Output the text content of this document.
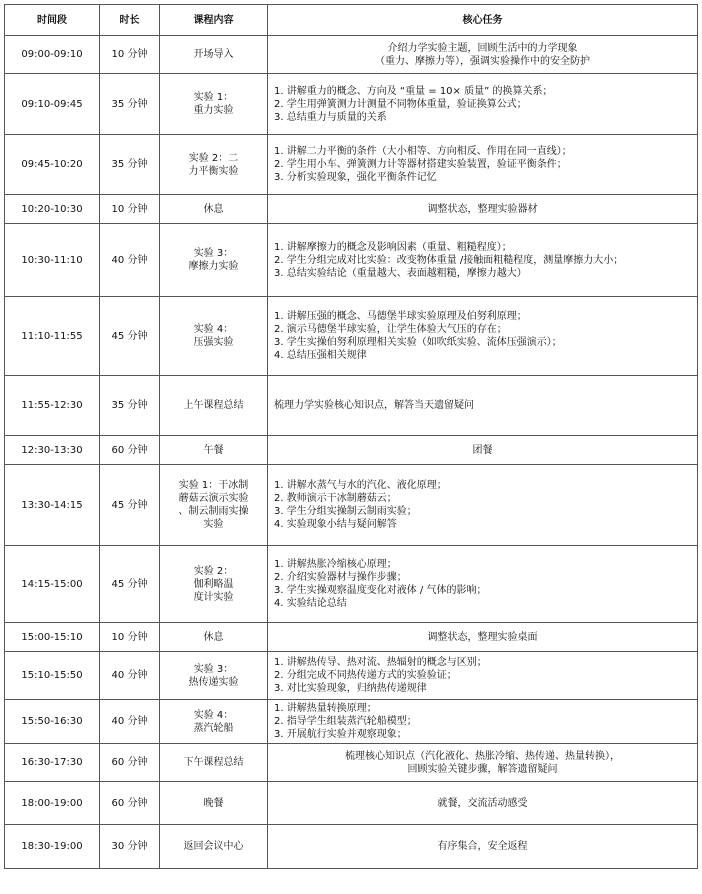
时间段	时长	课程内容	核心任务
09:00-09:10	10 分钟	开场导入	介绍力学实验主题，回顾生活中的力学现象
（重力、摩擦力等），强调实验操作中的安全防护

09:10-09:45	35 分钟	实验 1：
重力实验	1. 讲解重力的概念、方向及 “重量 = 10× 质量” 的换算关系；
2. 学生用弹簧测力计测量不同物体重量，验证换算公式；
3. 总结重力与质量的关系

09:45-10:20	35 分钟	实验 2：二
力平衡实验	1. 讲解二力平衡的条件（大小相等、方向相反、作用在同一直线）；
2. 学生用小车、弹簧测力计等器材搭建实验装置，验证平衡条件；
3. 分析实验现象，强化平衡条件记忆

10:20-10:30	10 分钟	休息	调整状态，整理实验器材

10:30-11:10	40 分钟	实验 3：
摩擦力实验	1. 讲解摩擦力的概念及影响因素（重量、粗糙程度）；
2. 学生分组完成对比实验：改变物体重量 /接触面粗糙程度，测量摩擦力大小；
3. 总结实验结论（重量越大、表面越粗糙，摩擦力越大）

11:10-11:55	45 分钟	实验 4：
压强实验	1. 讲解压强的概念、马德堡半球实验原理及伯努利原理；
2. 演示马德堡半球实验，让学生体验大气压的存在；
3. 学生实操伯努利原理相关实验（如吹纸实验、流体压强演示）；
4. 总结压强相关规律

11:55-12:30	35 分钟	上午课程总结	梳理力学实验核心知识点，解答当天遗留疑问

12:30-13:30	60 分钟	午餐	团餐

13:30-14:15	45 分钟	实验 1：干冰制
蘑菇云演示实验
、制云制雨实操
实验	1. 讲解水蒸气与水的汽化、液化原理；
2. 教师演示干冰制蘑菇云；
3. 学生分组实操制云制雨实验；
4. 实验现象小结与疑问解答

14:15-15:00	45 分钟	实验 2：
伽利略温
度计实验	1. 讲解热胀冷缩核心原理；
2. 介绍实验器材与操作步骤；
3. 学生实操观察温度变化对液体 / 气体的影响；
4. 实验结论总结

15:00-15:10	10 分钟	休息	调整状态，整理实验桌面

15:10-15:50	40 分钟	实验 3：
热传递实验	1. 讲解热传导、热对流、热辐射的概念与区别；
2. 分组完成不同热传递方式的实验验证；
3. 对比实验现象，归纳热传递规律

15:50-16:30	40 分钟	实验 4：
蒸汽轮船	1. 讲解热量转换原理；
2. 指导学生组装蒸汽轮船模型；
3. 开展航行实验并观察现象；

16:30-17:30	60 分钟	下午课程总结	梳理核心知识点（汽化液化、热胀冷缩、热传递、热量转换），
回顾实验关键步骤，解答遗留疑问

18:00-19:00	60 分钟	晚餐	就餐，交流活动感受

18:30-19:00	30 分钟	返回会议中心	有序集合，安全返程
